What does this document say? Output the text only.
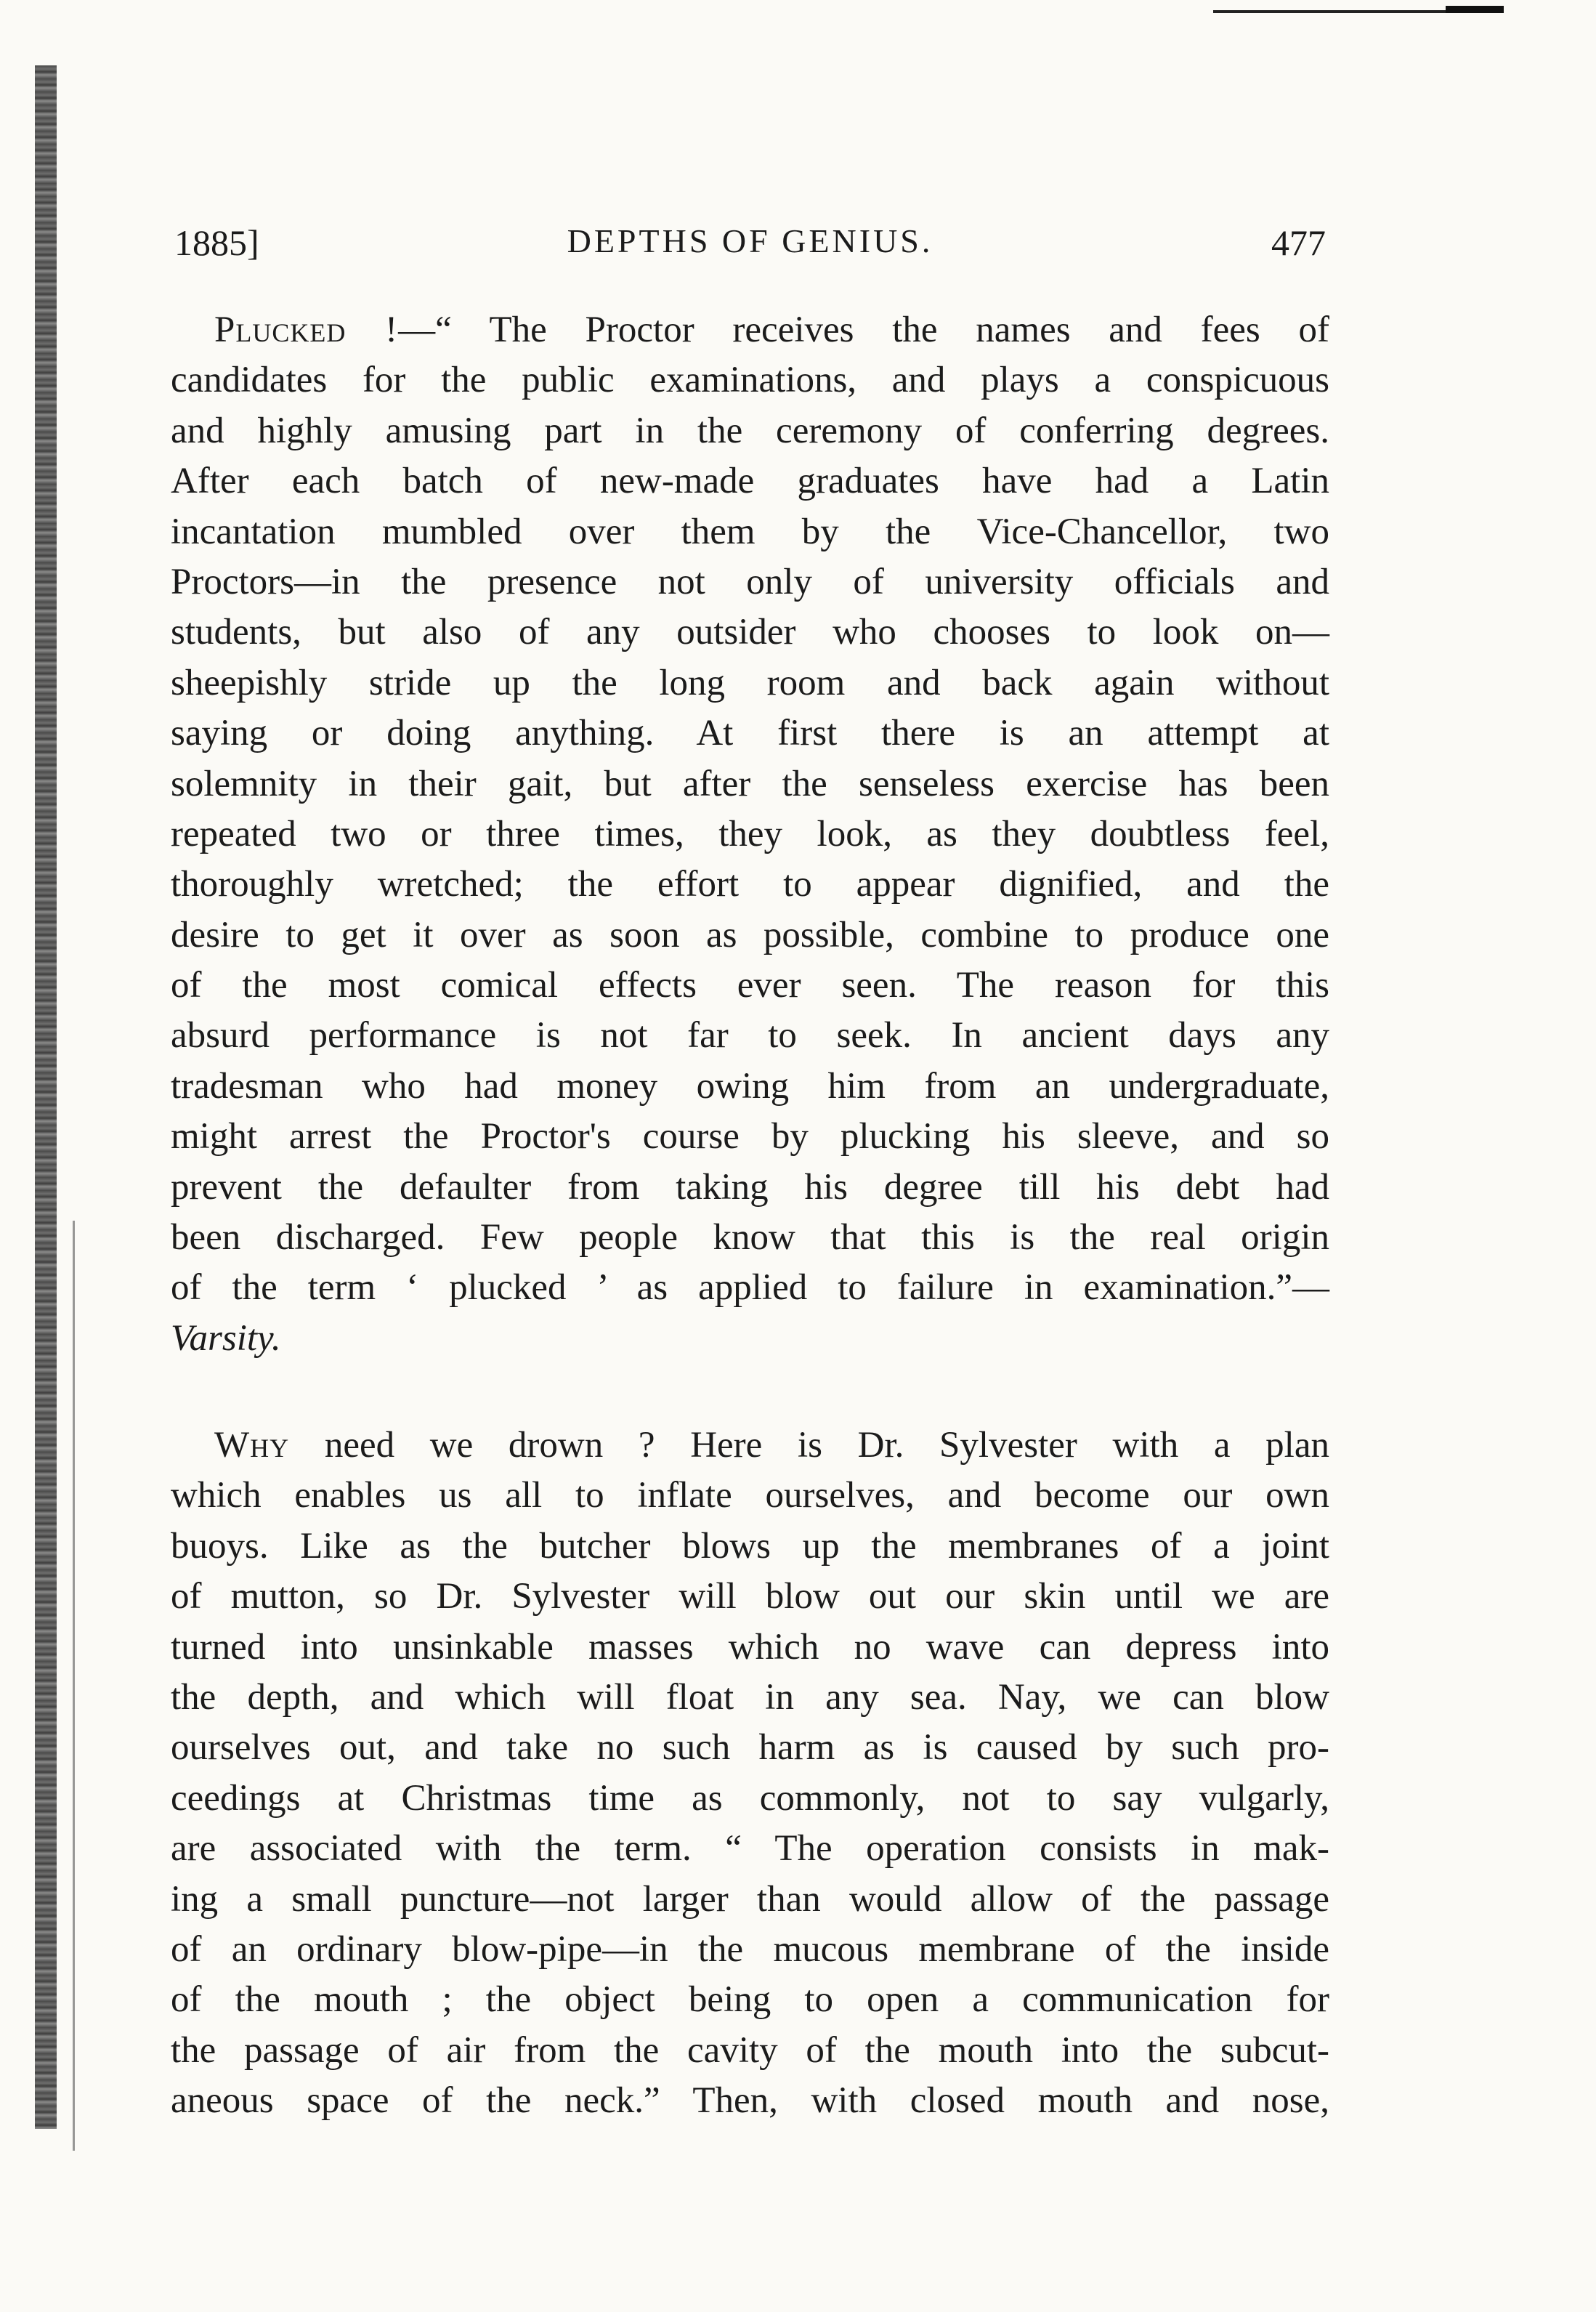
1885]	DEPTHS OF GENIUS.	477
Plucked !—“ The Proctor receives the names and fees of
candidates for the public examinations, and plays a conspicuous
and highly amusing part in the ceremony of conferring degrees.
After each batch of new-made graduates have had a Latin
incantation mumbled over them by the Vice-Chancellor, two
Proctors—in the presence not only of university officials and
students, but also of any outsider who chooses to look on—
sheepishly stride up the long room and back again without
saying or doing anything. At first there is an attempt at
solemnity in their gait, but after the senseless exercise has been
repeated two or three times, they look, as they doubtless feel,
thoroughly wretched; the effort to appear dignified, and the
desire to get it over as soon as possible, combine to produce one
of the most comical effects ever seen. The reason for this
absurd performance is not far to seek. In ancient days any
tradesman who had money owing him from an undergraduate,
might arrest the Proctor's course by plucking his sleeve, and so
prevent the defaulter from taking his degree till his debt had
been discharged. Few people know that this is the real origin
of the term ‘ plucked ’ as applied to failure in examination.”—
Varsity.
Why need we drown ? Here is Dr. Sylvester with a plan
which enables us all to inflate ourselves, and become our own
buoys. Like as the butcher blows up the membranes of a joint
of mutton, so Dr. Sylvester will blow out our skin until we are
turned into unsinkable masses which no wave can depress into
the depth, and which will float in any sea. Nay, we can blow
ourselves out, and take no such harm as is caused by such pro-
ceedings at Christmas time as commonly, not to say vulgarly,
are associated with the term. “ The operation consists in mak-
ing a small puncture—not larger than would allow of the passage
of an ordinary blow-pipe—in the mucous membrane of the inside
of the mouth ; the object being to open a communication for
the passage of air from the cavity of the mouth into the subcut-
aneous space of the neck.” Then, with closed mouth and nose,
